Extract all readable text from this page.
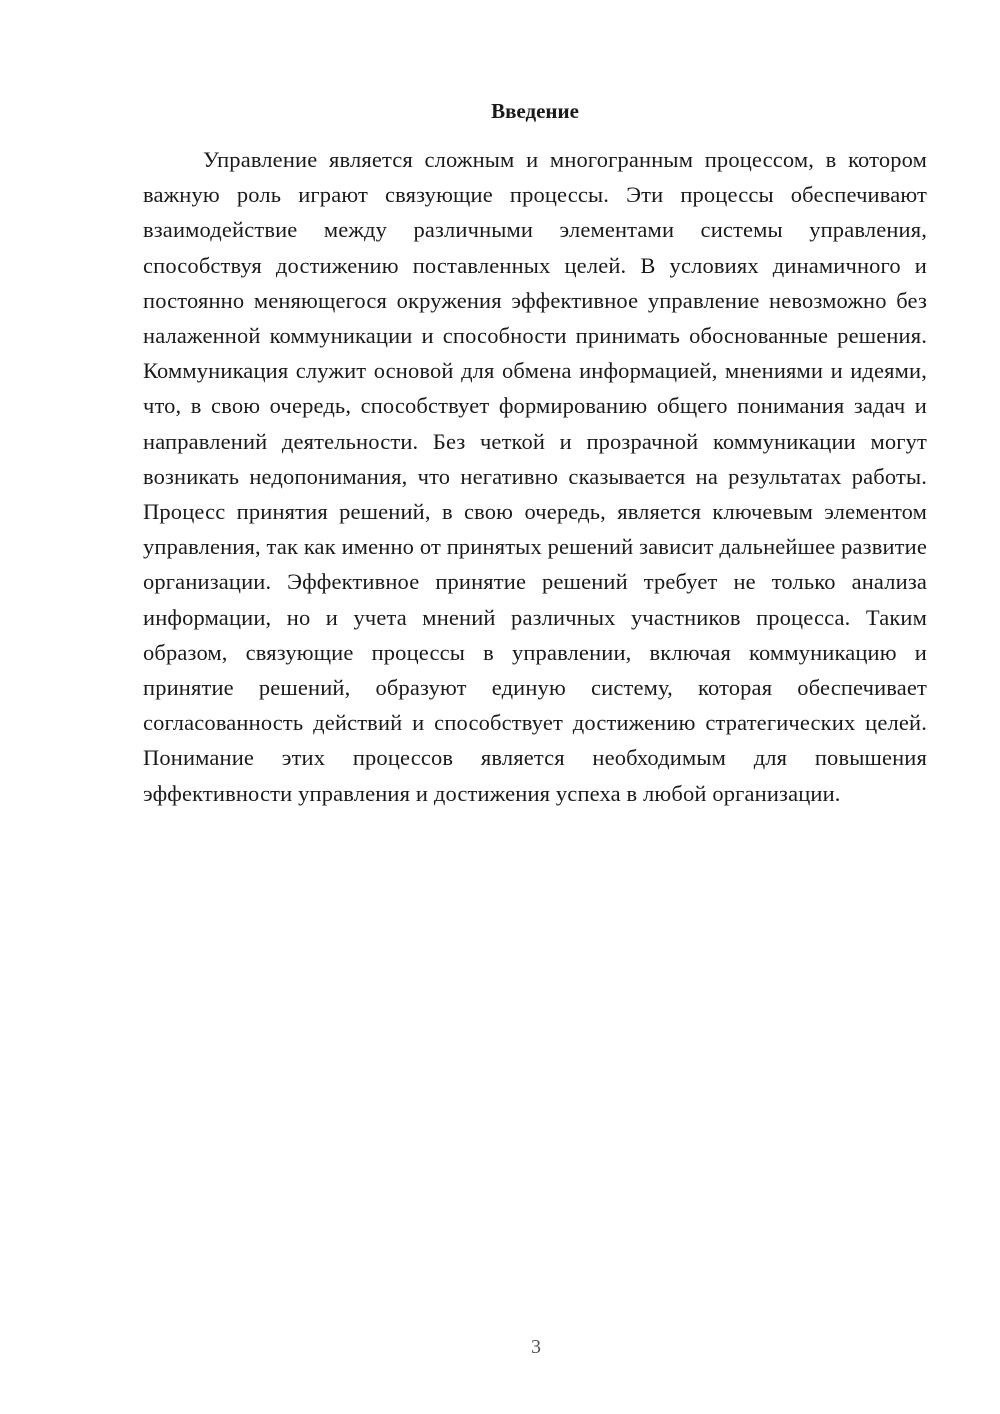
Введение

Управление является сложным и многогранным процессом, в котором важную роль играют связующие процессы. Эти процессы обеспечивают взаимодействие между различными элементами системы управления, способствуя достижению поставленных целей. В условиях динамичного и постоянно меняющегося окружения эффективное управление невозможно без налаженной коммуникации и способности принимать обоснованные решения. Коммуникация служит основой для обмена информацией, мнениями и идеями, что, в свою очередь, способствует формированию общего понимания задач и направлений деятельности. Без четкой и прозрачной коммуникации могут возникать недопонимания, что негативно сказывается на результатах работы. Процесс принятия решений, в свою очередь, является ключевым элементом управления, так как именно от принятых решений зависит дальнейшее развитие организации. Эффективное принятие решений требует не только анализа информации, но и учета мнений различных участников процесса. Таким образом, связующие процессы в управлении, включая коммуникацию и принятие решений, образуют единую систему, которая обеспечивает согласованность действий и способствует достижению стратегических целей. Понимание этих процессов является необходимым для повышения эффективности управления и достижения успеха в любой организации.

3
